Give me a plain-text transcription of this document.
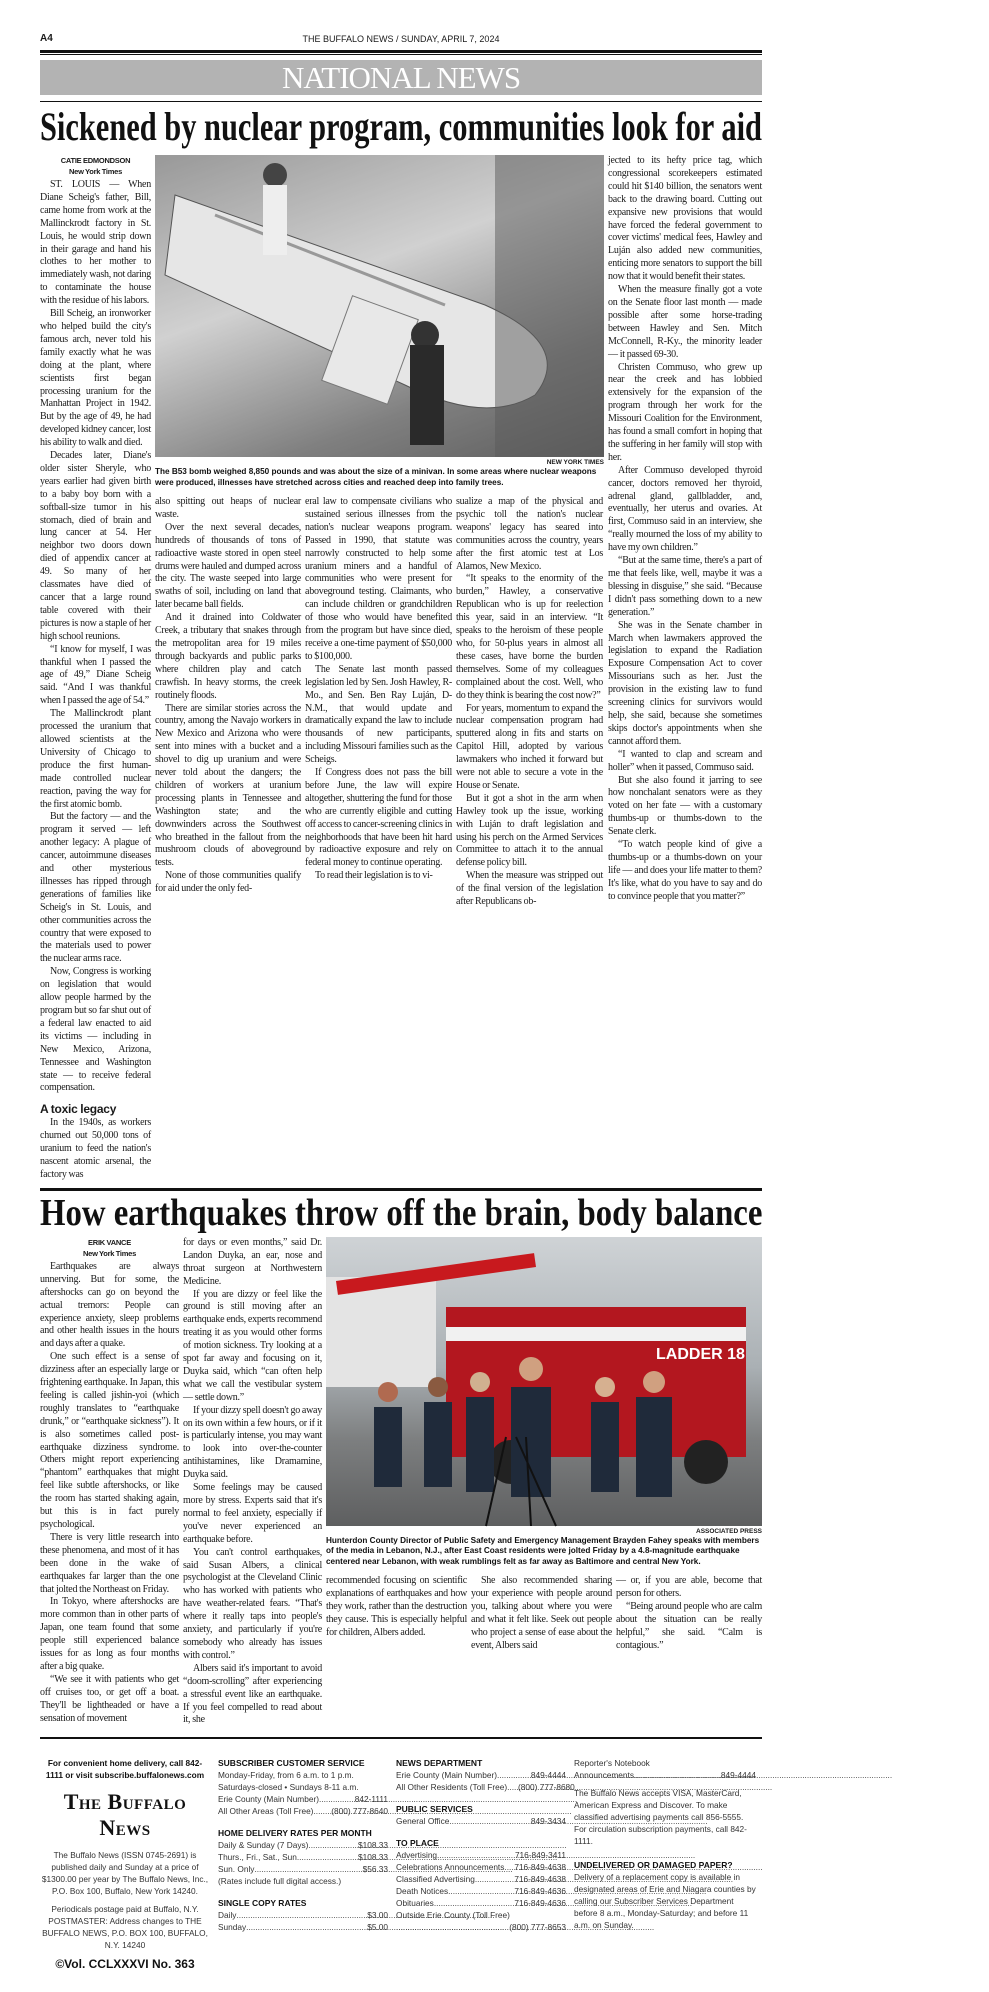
A4	THE BUFFALO NEWS / SUNDAY, APRIL 7, 2024
NATIONAL NEWS
Sickened by nuclear program, communities look for aid
CATIE EDMONDSON
New York Times

ST. LOUIS — When Diane Scheig's father, Bill, came home from work at the Mallinckrodt factory in St. Louis, he would strip down in their garage and hand his clothes to her mother to immediately wash, not daring to contaminate the house with the residue of his labors.

Bill Scheig, an ironworker who helped build the city's famous arch, never told his family exactly what he was doing at the plant, where scientists first began processing uranium for the Manhattan Project in 1942. But by the age of 49, he had developed kidney cancer, lost his ability to walk and died.

Decades later, Diane's older sister Sheryle, who years earlier had given birth to a baby boy born with a softball-size tumor in his stomach, died of brain and lung cancer at 54. Her neighbor two doors down died of appendix cancer at 49. So many of her classmates have died of cancer that a large round table covered with their pictures is now a staple of her high school reunions.

“I know for myself, I was thankful when I passed the age of 49,” Diane Scheig said. “And I was thankful when I passed the age of 54.”

The Mallinckrodt plant processed the uranium that allowed scientists at the University of Chicago to produce the first human-made controlled nuclear reaction, paving the way for the first atomic bomb.

But the factory — and the program it served — left another legacy: A plague of cancer, autoimmune diseases and other mysterious illnesses has ripped through generations of families like Scheig's in St. Louis, and other communities across the country that were exposed to the materials used to power the nuclear arms race.

Now, Congress is working on legislation that would allow people harmed by the program but so far shut out of a federal law enacted to aid its victims — including in New Mexico, Arizona, Tennessee and Washington state — to receive federal compensation.

A toxic legacy

In the 1940s, as workers churned out 50,000 tons of uranium to feed the nation's nascent atomic arsenal, the factory was

NEW YORK TIMES
The B53 bomb weighed 8,850 pounds and was about the size of a minivan. In some areas where nuclear weapons were produced, illnesses have stretched across cities and reached deep into family trees.

also spitting out heaps of nuclear waste.

Over the next several decades, hundreds of thousands of tons of radioactive waste stored in open steel drums were hauled and dumped across the city. The waste seeped into large swaths of soil, including on land that later became ball fields.

And it drained into Coldwater Creek, a tributary that snakes through the metropolitan area for 19 miles through backyards and public parks where children play and catch crawfish. In heavy storms, the creek routinely floods.

There are similar stories across the country, among the Navajo workers in New Mexico and Arizona who were sent into mines with a bucket and a shovel to dig up uranium and were never told about the dangers; the children of workers at uranium processing plants in Tennessee and Washington state; and the downwinders across the Southwest who breathed in the fallout from the mushroom clouds of aboveground tests.

None of those communities qualify for aid under the only fed-

eral law to compensate civilians who sustained serious illnesses from the nation's nuclear weapons program. Passed in 1990, that statute was narrowly constructed to help some uranium miners and a handful of communities who were present for aboveground testing. Claimants, who can include children or grandchildren of those who would have benefited from the program but have since died, receive a one-time payment of $50,000 to $100,000.

The Senate last month passed legislation led by Sen. Josh Hawley, R-Mo., and Sen. Ben Ray Luján, D-N.M., that would update and dramatically expand the law to include thousands of new participants, including Missouri families such as the Scheigs.

If Congress does not pass the bill before June, the law will expire altogether, shuttering the fund for those who are currently eligible and cutting off access to cancer-screening clinics in neighborhoods that have been hit hard by radioactive exposure and rely on federal money to continue operating.

To read their legislation is to vi-

sualize a map of the physical and psychic toll the nation's nuclear weapons' legacy has seared into communities across the country, years after the first atomic test at Los Alamos, New Mexico.

“It speaks to the enormity of the burden,” Hawley, a conservative Republican who is up for reelection this year, said in an interview. “It speaks to the heroism of these people who, for 50-plus years in almost all these cases, have borne the burden themselves. Some of my colleagues complained about the cost. Well, who do they think is bearing the cost now?”

For years, momentum to expand the nuclear compensation program had sputtered along in fits and starts on Capitol Hill, adopted by various lawmakers who inched it forward but were not able to secure a vote in the House or Senate.

But it got a shot in the arm when Hawley took up the issue, working with Luján to draft legislation and using his perch on the Armed Services Committee to attach it to the annual defense policy bill.

When the measure was stripped out of the final version of the legislation after Republicans ob-

jected to its hefty price tag, which congressional scorekeepers estimated could hit $140 billion, the senators went back to the drawing board. Cutting out expansive new provisions that would have forced the federal government to cover victims' medical fees, Hawley and Luján also added new communities, enticing more senators to support the bill now that it would benefit their states.

When the measure finally got a vote on the Senate floor last month — made possible after some horse-trading between Hawley and Sen. Mitch McConnell, R-Ky., the minority leader — it passed 69-30.

Christen Commuso, who grew up near the creek and has lobbied extensively for the expansion of the program through her work for the Missouri Coalition for the Environment, has found a small comfort in hoping that the suffering in her family will stop with her.

After Commuso developed thyroid cancer, doctors removed her thyroid, adrenal gland, gallbladder, and, eventually, her uterus and ovaries. At first, Commuso said in an interview, she “really mourned the loss of my ability to have my own children.”

“But at the same time, there's a part of me that feels like, well, maybe it was a blessing in disguise,” she said. “Because I didn't pass something down to a new generation.”

She was in the Senate chamber in March when lawmakers approved the legislation to expand the Radiation Exposure Compensation Act to cover Missourians such as her. Just the provision in the existing law to fund screening clinics for survivors would help, she said, because she sometimes skips doctor's appointments when she cannot afford them.

“I wanted to clap and scream and holler” when it passed, Commuso said.

But she also found it jarring to see how nonchalant senators were as they voted on her fate — with a customary thumbs-up or thumbs-down to the Senate clerk.

“To watch people kind of give a thumbs-up or a thumbs-down on your life — and does your life matter to them? It's like, what do you have to say and do to convince people that you matter?”

How earthquakes throw off the brain, body balance
ERIK VANCE
New York Times

Earthquakes are always unnerving. But for some, the aftershocks can go on beyond the actual tremors: People can experience anxiety, sleep problems and other health issues in the hours and days after a quake.

One such effect is a sense of dizziness after an especially large or frightening earthquake. In Japan, this feeling is called jishin-yoi (which roughly translates to “earthquake drunk,” or “earthquake sickness”). It is also sometimes called post-earthquake dizziness syndrome. Others might report experiencing “phantom” earthquakes that might feel like subtle aftershocks, or like the room has started shaking again, but this is in fact purely psychological.

There is very little research into these phenomena, and most of it has been done in the wake of earthquakes far larger than the one that jolted the Northeast on Friday.

In Tokyo, where aftershocks are more common than in other parts of Japan, one team found that some people still experienced balance issues for as long as four months after a big quake.

“We see it with patients who get off cruises too, or get off a boat. They'll be lightheaded or have a sensation of movement

for days or even months,” said Dr. Landon Duyka, an ear, nose and throat surgeon at Northwestern Medicine.

If you are dizzy or feel like the ground is still moving after an earthquake ends, experts recommend treating it as you would other forms of motion sickness. Try looking at a spot far away and focusing on it, Duyka said, which “can often help what we call the vestibular system — settle down.”

If your dizzy spell doesn't go away on its own within a few hours, or if it is particularly intense, you may want to look into over-the-counter antihistamines, like Dramamine, Duyka said.

Some feelings may be caused more by stress. Experts said that it's normal to feel anxiety, especially if you've never experienced an earthquake before.

You can't control earthquakes, said Susan Albers, a clinical psychologist at the Cleveland Clinic who has worked with patients who have weather-related fears. “That's where it really taps into people's anxiety, and particularly if you're somebody who already has issues with control.”

Albers said it's important to avoid “doom-scrolling” after experiencing a stressful event like an earthquake. If you feel compelled to read about it, she

LADDER 18
ASSOCIATED PRESS
Hunterdon County Director of Public Safety and Emergency Management Brayden Fahey speaks with members of the media in Lebanon, N.J., after East Coast residents were jolted Friday by a 4.8-magnitude earthquake centered near Lebanon, with weak rumblings felt as far away as Baltimore and central New York.

recommended focusing on scientific explanations of earthquakes and how they work, rather than the destruction they cause. This is especially helpful for children, Albers added.

She also recommended sharing your experience with people around you, talking about where you were and what it felt like. Seek out people who project a sense of ease about the event, Albers said

— or, if you are able, become that person for others.

“Being around people who are calm about the situation can be really helpful,” she said. “Calm is contagious.”

For convenient home delivery, call 842-1111 or visit subscribe.buffalonews.com
The Buffalo News
The Buffalo News (ISSN 0745-2691) is published daily and Sunday at a price of $1300.00 per year by The Buffalo News, Inc., P.O. Box 100, Buffalo, New York 14240.
Periodicals postage paid at Buffalo, N.Y. POSTMASTER: Address changes to THE BUFFALO NEWS, P.O. BOX 100, BUFFALO, N.Y. 14240
©Vol. CCLXXXVI No. 363
SUBSCRIBER CUSTOMER SERVICE
Monday-Friday, from 6 a.m. to 1 p.m.
Saturdays-closed • Sundays 8-11 a.m.
Erie County (Main Number) .....	842-1111
All Other Areas (Toll Free) ..... (800) 777-8640
HOME DELIVERY RATES PER MONTH
Daily & Sunday (7 Days) .....	$108.33
Thurs., Fri., Sat., Sun. .....	$108.33
Sun. Only .....	$56.33
(Rates include full digital access.)
SINGLE COPY RATES
Daily .....	$3.00
Sunday .....	$5.00
NEWS DEPARTMENT
Erie County (Main Number) .....	849-4444
All Other Residents (Toll Free)... ..... (800) 777-8680
PUBLIC SERVICES
General Office .....	849-3434
TO PLACE
Advertising .....	716-849-3411
Celebrations Announcements ..... 716-849-4638
Classified Advertising .....	716-849-4638
Death Notices .....	716-849-4636
Obituaries .....	716-849-4636
Outside Erie County (Toll Free)
.....
(800) 777-8653
Reporter's Notebook
Announcements .....	849-4444
The Buffalo News accepts VISA, MasterCard, American Express and Discover. To make classified advertising payments call 856-5555. For circulation subscription payments, call 842-1111.
UNDELIVERED OR DAMAGED PAPER?
Delivery of a replacement copy is available in designated areas of Erie and Niagara counties by calling our Subscriber Services Department before 8 a.m., Monday-Saturday; and before 11 a.m. on Sunday.
